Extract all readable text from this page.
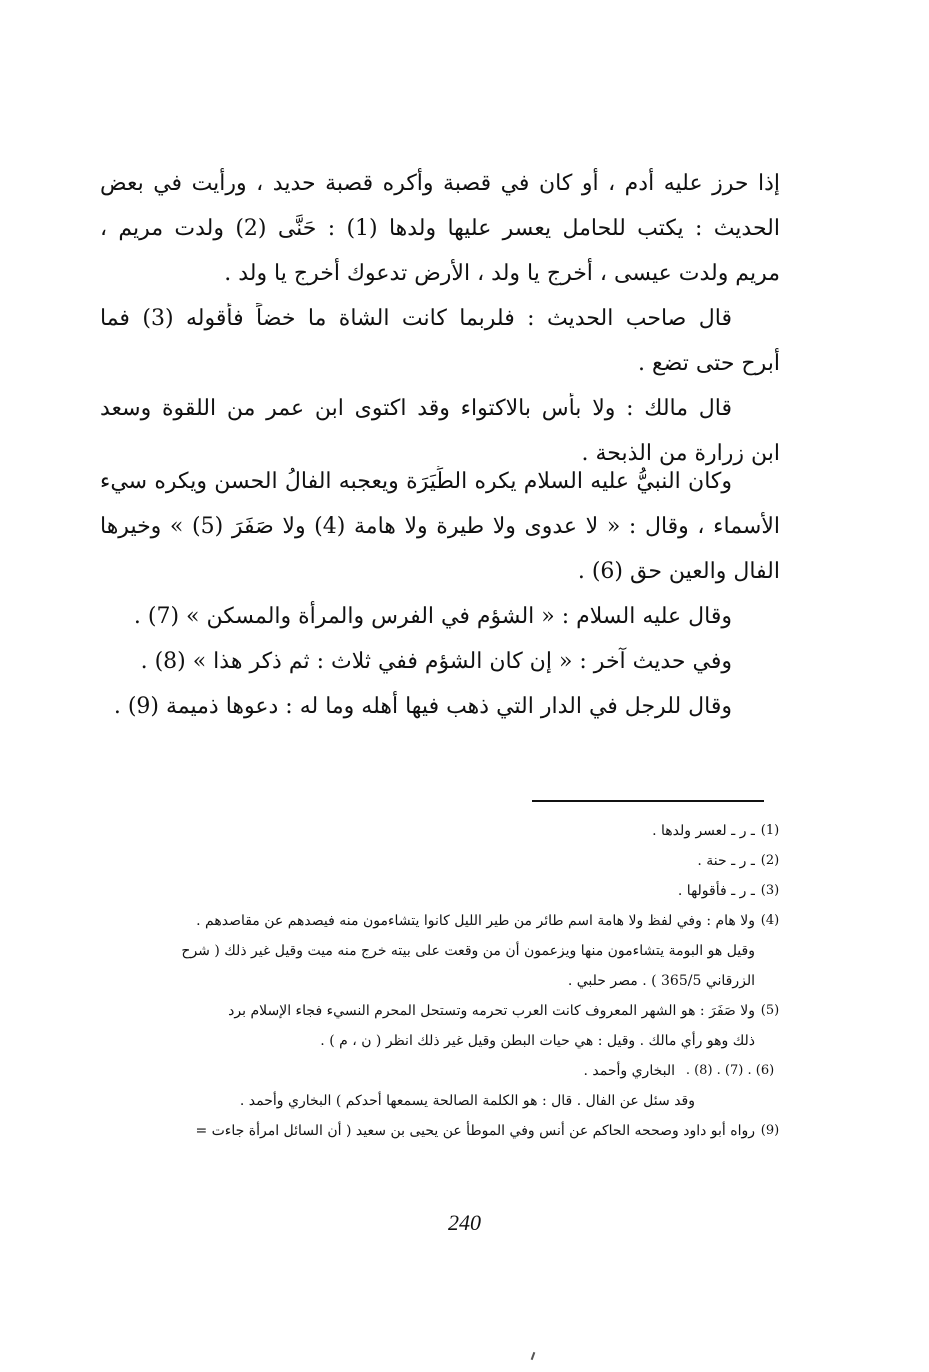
إذا حرز عليه أدم ، أو كان في قصبة وأكره قصبة حديد ، ورأيت في بعض
الحديث : يكتب للحامل يعسر عليها ولدها (1) : حَنَّى (2) ولدت مريم ،
مريم ولدت عيسى ، أخرج يا ولد ، الأرض تدعوك أخرج يا ولد .
قال صاحب الحديث : فلربما كانت الشاة ما خضاً فأقوله (3) فما
أبرح حتى تضع .
قال مالك : ولا بأس بالاكتواء وقد اكتوى ابن عمر من اللقوة وسعد
ابن زرارة من الذبحة .
وكان النبيُّ عليه السلام يكره الطِّيَرَة ويعجبه الفالُ الحسن ويكره سيء
الأَسماء ، وقال : « لا عدوى ولا طيرة ولا هامة (4) ولا صَفَرَ (5) » وخيرها
الفال والعين حق (6) .
وقال عليه السلام : « الشؤم في الفرس والمرأة والمسكن » (7) .
وفي حديث آخر : « إن كان الشؤم ففي ثلاث : ثم ذكر هذا » (8) .
وقال للرجل في الدار التي ذهب فيها أهله وما له : دعوها ذميمة (9) .
(1)
ـ ر ـ لعسر ولدها .
(2)
ـ ر ـ حنة .
(3)
ـ ر ـ فأقولها .
(4)
ولا هام : وفي لفظ ولا هامة اسم طائر من طير الليل كانوا يتشاءمون منه فيصدهم عن مقاصدهم .
وقيل هو البومة يتشاءمون منها ويزعمون أن من وقعت على بيته خرج منه ميت وقيل غير ذلك ( شرح
الزرقاني 365/5 ) . مصر حلبي .
(5)
ولا صَفَرَ : هو الشهر المعروف كانت العرب تحرمه وتستحل المحرم النسيء فجاء الإسلام برد
ذلك وهو رأي مالك . وقيل : هي حيات البطن وقيل غير ذلك انظر ( ن ، م ) .
(6) . (7) . (8) .
البخاري وأحمد .
وقد سئل عن الفال . قال : هو الكلمة الصالحة يسمعها أحدكم ) البخاري وأحمد .
(9)
رواه أبو داود وصححه الحاكم عن أنس وفي الموطأ عن يحيى بن سعيد ( أن السائل امرأة جاءت =
240
